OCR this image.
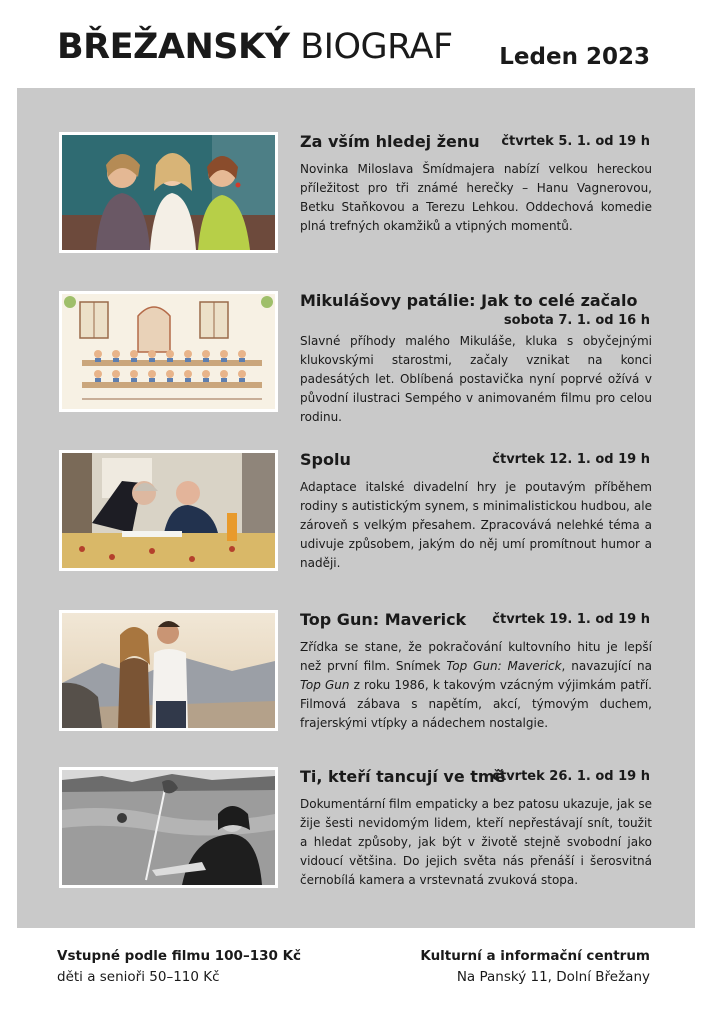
BŘEŽANSKÝ BIOGRAF Leden 2023
Za vším hledej ženu	čtvrtek 5. 1. od 19 h
Novinka Miloslava Šmídmajera nabízí velkou hereckou příležitost pro tři známé herečky – Hanu Vagnerovou, Betku Staňkovou a Terezu Lehkou. Oddechová komedie plná trefných okamžiků a vtipných momentů.
Mikulášovy patálie: Jak to celé začalo
sobota 7. 1. od 16 h
Slavné příhody malého Mikuláše, kluka s obyčejnými klukovskými starostmi, začaly vznikat na konci padesátých let. Oblíbená postavička nyní poprvé ožívá v původní ilustraci Sempého v animovaném filmu pro celou rodinu.
Spolu	čtvrtek 12. 1. od 19 h
Adaptace italské divadelní hry je poutavým příběhem rodiny s autistickým synem, s minimalistickou hudbou, ale zároveň s velkým přesahem. Zpracovává nelehké téma a udivuje způsobem, jakým do něj umí promítnout humor a naději.
Top Gun: Maverick	čtvrtek 19. 1. od 19 h
Zřídka se stane, že pokračování kultovního hitu je lepší než první film. Snímek Top Gun: Maverick, navazující na Top Gun z roku 1986, k takovým vzácným výjimkám patří. Filmová zábava s napětím, akcí, týmovým duchem, frajerskými vtípky a nádechem nostalgie.
Ti, kteří tancují ve tmě
čtvrtek 26. 1. od 19 h
Dokumentární film empaticky a bez patosu ukazuje, jak se žije šesti nevidomým lidem, kteří nepřestávají snít, toužit a hledat způsoby, jak být v životě stejně svobodní jako vidoucí většina. Do jejich světa nás přenáší i šerosvitná černobílá kamera a vrstevnatá zvuková stopa.
Vstupné podle filmu 100–130 Kč
děti a senioři 50–110 Kč
Kulturní a informační centrum
Na Panský 11, Dolní Břežany
